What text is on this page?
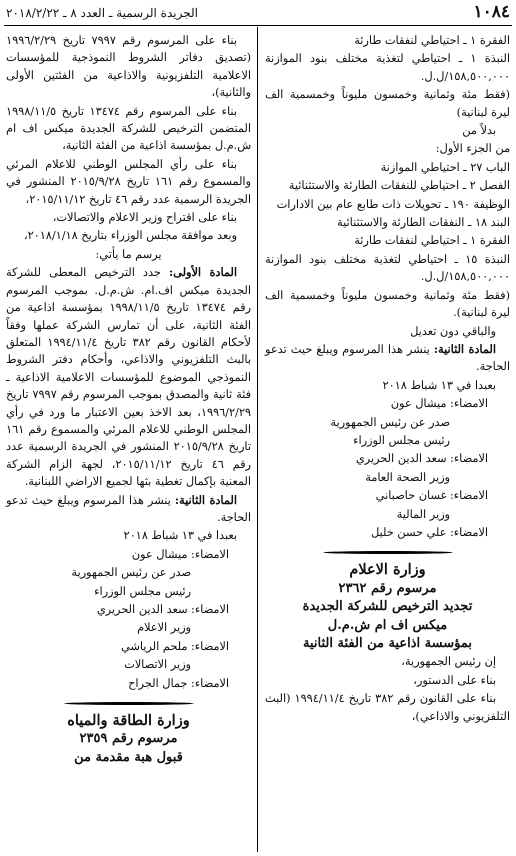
١٠٨٤
الجريدة الرسمية ـ العدد ٨ ـ ٢٠١٨/٢/٢٢

الفقرة ١ ـ احتياطي لنفقات طارئة

النبذة ١ ـ احتياطي لتغذية مختلف بنود الموازنة ١٥٨,٥٠٠,٠٠٠/ل.ل.

(فقط مئة وثمانية وخمسون مليوناً وخمسمية الف ليرة لبنانية)

بدلاً من

من الجزء الأول:

الباب ٢٧ ـ احتياطي الموازنة

الفصل ٢ ـ احتياطي للنفقات الطارئة والاستثنائية

الوظيفة ١٩٠ ـ تحويلات ذات طابع عام بين الادارات

البند ١٨ ـ النفقات الطارئة والاستثنائية

الفقرة ١ ـ احتياطي لنفقات طارئة

النبذة ١٥ ـ احتياطي لتغذية مختلف بنود الموازنة ١٥٨,٥٠٠,٠٠٠/ل.ل.

(فقط مئة وثمانية وخمسون مليوناً وخمسمية الف ليرة لبنانية).

والباقي دون تعديل

المادة الثانية: ينشر هذا المرسوم ويبلغ حيث تدعو الحاجة.

بعبدا في ١٣ شباط ٢٠١٨

الامضاء: ميشال عون

صدر عن رئيس الجمهورية

رئيس مجلس الوزراء

الامضاء: سعد الدين الحريري

وزير الصحة العامة

الامضاء: غسان حاصباني

وزير المالية

الامضاء: علي حسن خليل

وزارة الاعلام

مرسوم رقم ٢٣٦٢

تجديد الترخيص للشركة الجديدة

ميكس اف ام ش.م.ل

بمؤسسة اذاعية من الفئة الثانية

إن رئيس الجمهورية،

بناء على الدستور،

بناء على القانون رقم ٣٨٢ تاريخ ١٩٩٤/١١/٤ (البث التلفزيوني والاذاعي)،

بناء على المرسوم رقم ٧٩٩٧ تاريخ ١٩٩٦/٢/٢٩ (تصديق دفاتر الشروط النموذجية للمؤسسات الاعلامية التلفزيونية والاذاعية من الفئتين الأولى والثانية)،

بناء على المرسوم رقم ١٣٤٧٤ تاريخ ١٩٩٨/١١/٥ المتضمن الترخيص للشركة الجديدة ميكس اف ام ش.م.ل بمؤسسة اذاعية من الفئة الثانية،

بناء على رأي المجلس الوطني للاعلام المرئي والمسموع رقم ١٦١ تاريخ ٢٠١٥/٩/٢٨ المنشور في الجريدة الرسمية عدد رقم ٤٦ تاريخ ٢٠١٥/١١/١٢،

بناء على اقتراح وزير الاعلام والاتصالات،

وبعد موافقة مجلس الوزراء بتاريخ ٢٠١٨/١/١٨،

يرسم ما يأتي:

المادة الأولى: جدد الترخيص المعطى للشركة الجديدة ميكس اف.ام. ش.م.ل. بموجب المرسوم رقم ١٣٤٧٤ تاريخ ١٩٩٨/١١/٥ بمؤسسة اذاعية من الفئة الثانية، على أن تمارس الشركة عملها وفقاً لأحكام القانون رقم ٣٨٢ تاريخ ١٩٩٤/١١/٤ المتعلق بالبث التلفزيوني والاذاعي، وأحكام دفتر الشروط النموذجي الموضوع للمؤسسات الاعلامية الاذاعية ـ فئة ثانية والمصدق بموجب المرسوم رقم ٧٩٩٧ تاريخ ١٩٩٦/٢/٢٩، بعد الاخذ بعين الاعتبار ما ورد في رأي المجلس الوطني للاعلام المرئي والمسموع رقم ١٦١ تاريخ ٢٠١٥/٩/٢٨ المنشور في الجريدة الرسمية عدد رقم ٤٦ تاريخ ٢٠١٥/١١/١٢، لجهة الزام الشركة المعنية بإكمال تغطية بثها لجميع الاراضي اللبنانية.

المادة الثانية: ينشر هذا المرسوم ويبلغ حيث تدعو الحاجة.

بعبدا في ١٣ شباط ٢٠١٨

الامضاء: ميشال عون

صدر عن رئيس الجمهورية

رئيس مجلس الوزراء

الامضاء: سعد الدين الحريري

وزير الاعلام

الامضاء: ملحم الرياشي

وزير الاتصالات

الامضاء: جمال الجراح

وزارة الطاقة والمياه

مرسوم رقم ٢٣٥٩

قبول هبة مقدمة من
